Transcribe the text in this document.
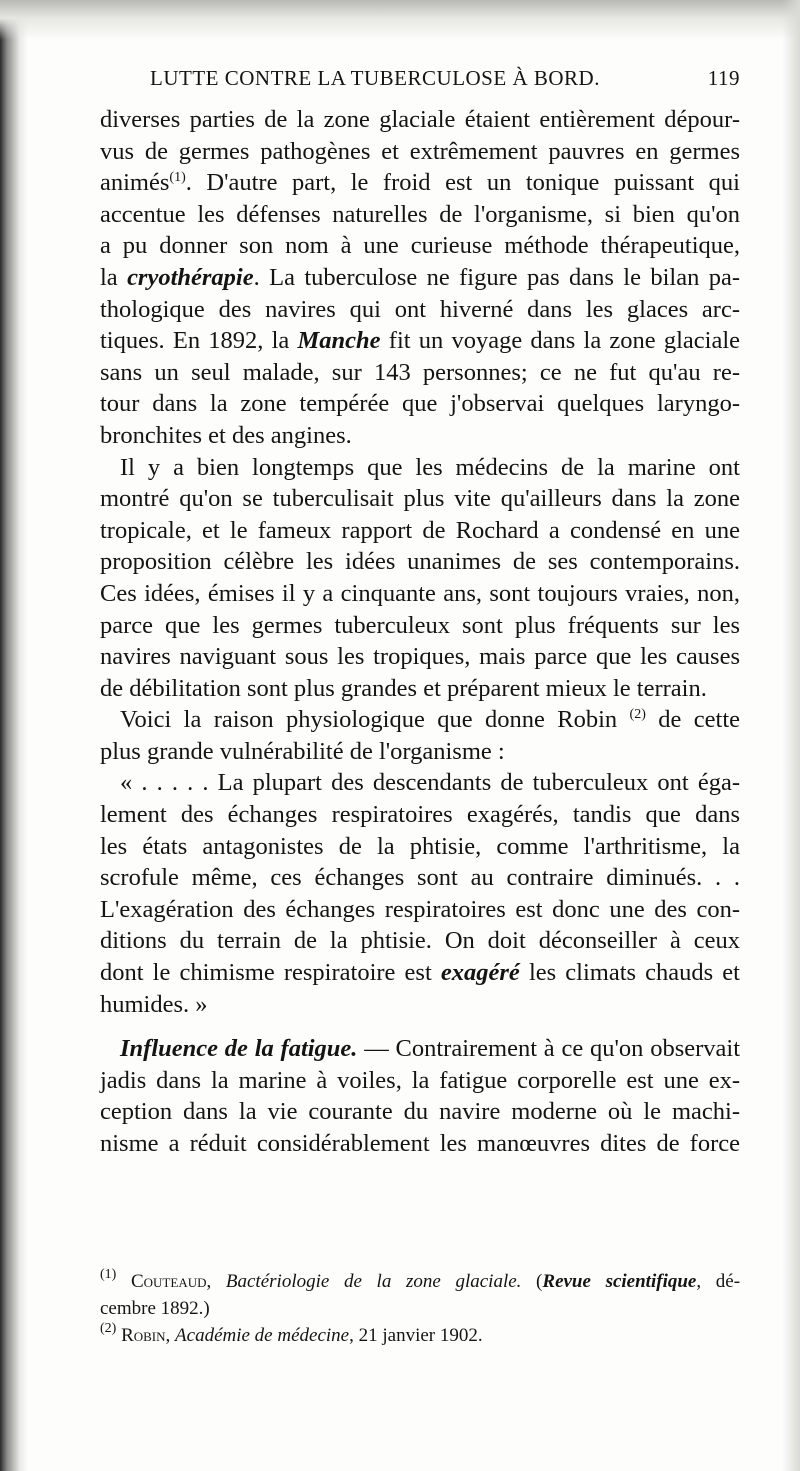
LUTTE CONTRE LA TUBERCULOSE À BORD.	119
diverses parties de la zone glaciale étaient entièrement dépour-
vus de germes pathogènes et extrêmement pauvres en germes
animés$^{(1)}$. D'autre part, le froid est un tonique puissant qui
accentue les défenses naturelles de l'organisme, si bien qu'on
a pu donner son nom à une curieuse méthode thérapeutique,
la cryothérapie. La tuberculose ne figure pas dans le bilan pa-
thologique des navires qui ont hiverné dans les glaces arc-
tiques. En 1892, la Manche fit un voyage dans la zone glaciale
sans un seul malade, sur 143 personnes; ce ne fut qu'au re-
tour dans la zone tempérée que j'observai quelques laryngo-
bronchites et des angines.
Il y a bien longtemps que les médecins de la marine ont
montré qu'on se tuberculisait plus vite qu'ailleurs dans la zone
tropicale, et le fameux rapport de Rochard a condensé en une
proposition célèbre les idées unanimes de ses contemporains.
Ces idées, émises il y a cinquante ans, sont toujours vraies, non,
parce que les germes tuberculeux sont plus fréquents sur les
navires naviguant sous les tropiques, mais parce que les causes
de débilitation sont plus grandes et préparent mieux le terrain.
Voici la raison physiologique que donne Robin $^{(2)}$ de cette
plus grande vulnérabilité de l'organisme :
« . . . . . La plupart des descendants de tuberculeux ont éga-
lement des échanges respiratoires exagérés, tandis que dans
les états antagonistes de la phtisie, comme l'arthritisme, la
scrofule même, ces échanges sont au contraire diminués. . .
L'exagération des échanges respiratoires est donc une des con-
ditions du terrain de la phtisie. On doit déconseiller à ceux
dont le chimisme respiratoire est exagéré les climats chauds et
humides. »
Influence de la fatigue. — Contrairement à ce qu'on observait
jadis dans la marine à voiles, la fatigue corporelle est une ex-
ception dans la vie courante du navire moderne où le machi-
nisme a réduit considérablement les manœuvres dites de force
$^{(1)}$ Couteaud, Bactériologie de la zone glaciale. (Revue scientifique, dé-
cembre 1892.)
$^{(2)}$ Robin, Académie de médecine, 21 janvier 1902.
